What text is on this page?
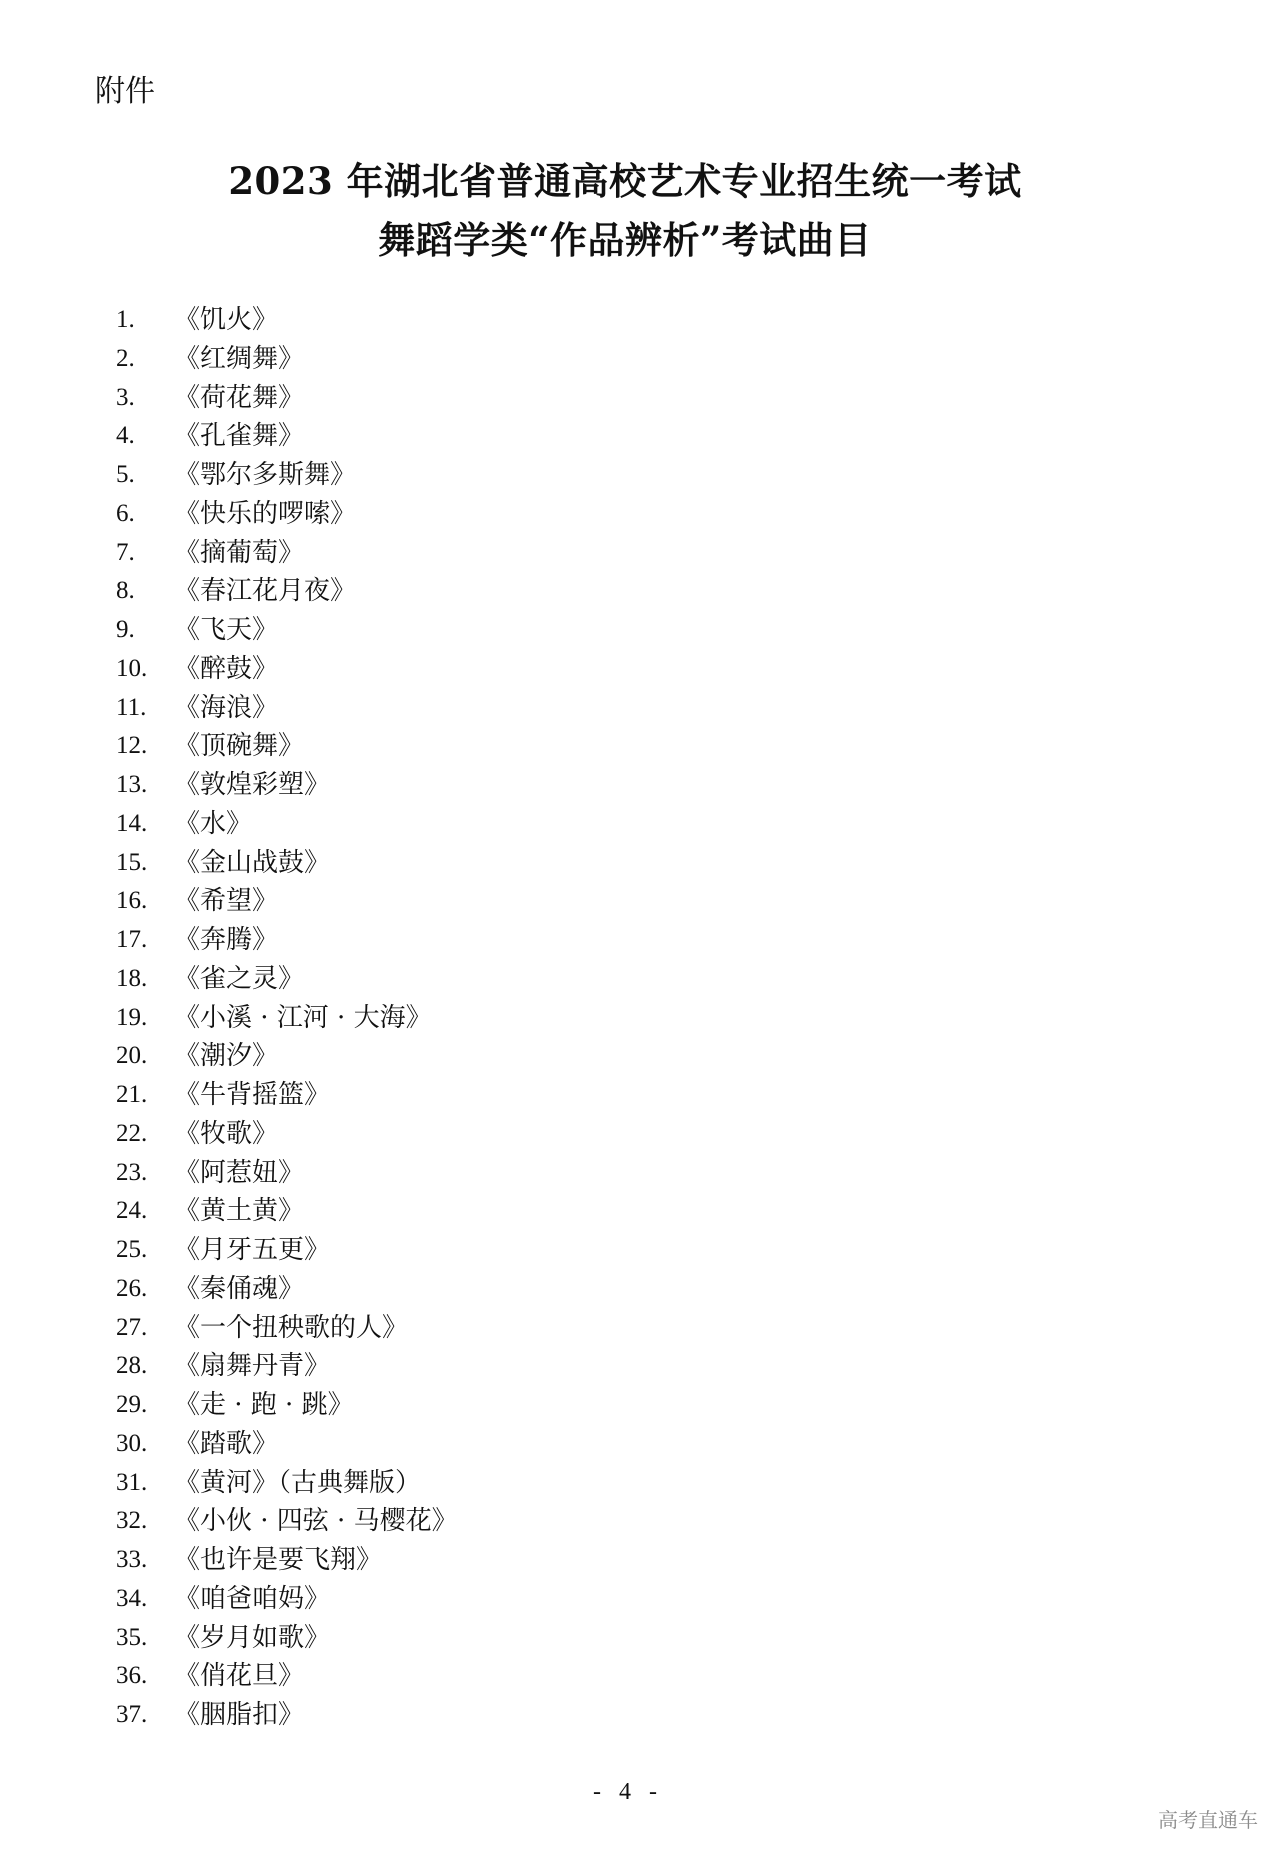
附件
2023 年湖北省普通高校艺术专业招生统一考试
舞蹈学类“作品辨析”考试曲目
1.	《饥火》
2.	《红绸舞》
3.	《荷花舞》
4.	《孔雀舞》
5.	《鄂尔多斯舞》
6.	《快乐的啰嗦》
7.	《摘葡萄》
8.	《春江花月夜》
9.	《飞天》
10.	《醉鼓》
11.	《海浪》
12.	《顶碗舞》
13.	《敦煌彩塑》
14.	《水》
15.	《金山战鼓》
16.	《希望》
17.	《奔腾》
18.	《雀之灵》
19.	《小溪 · 江河 · 大海》
20.	《潮汐》
21.	《牛背摇篮》
22.	《牧歌》
23.	《阿惹妞》
24.	《黄土黄》
25.	《月牙五更》
26.	《秦俑魂》
27.	《一个扭秧歌的人》
28.	《扇舞丹青》
29.	《走 · 跑 · 跳》
30.	《踏歌》
31.	《黄河》（古典舞版）
32.	《小伙 · 四弦 · 马樱花》
33.	《也许是要飞翔》
34.	《咱爸咱妈》
35.	《岁月如歌》
36.	《俏花旦》
37.	《胭脂扣》
- 4 -
高考直通车
